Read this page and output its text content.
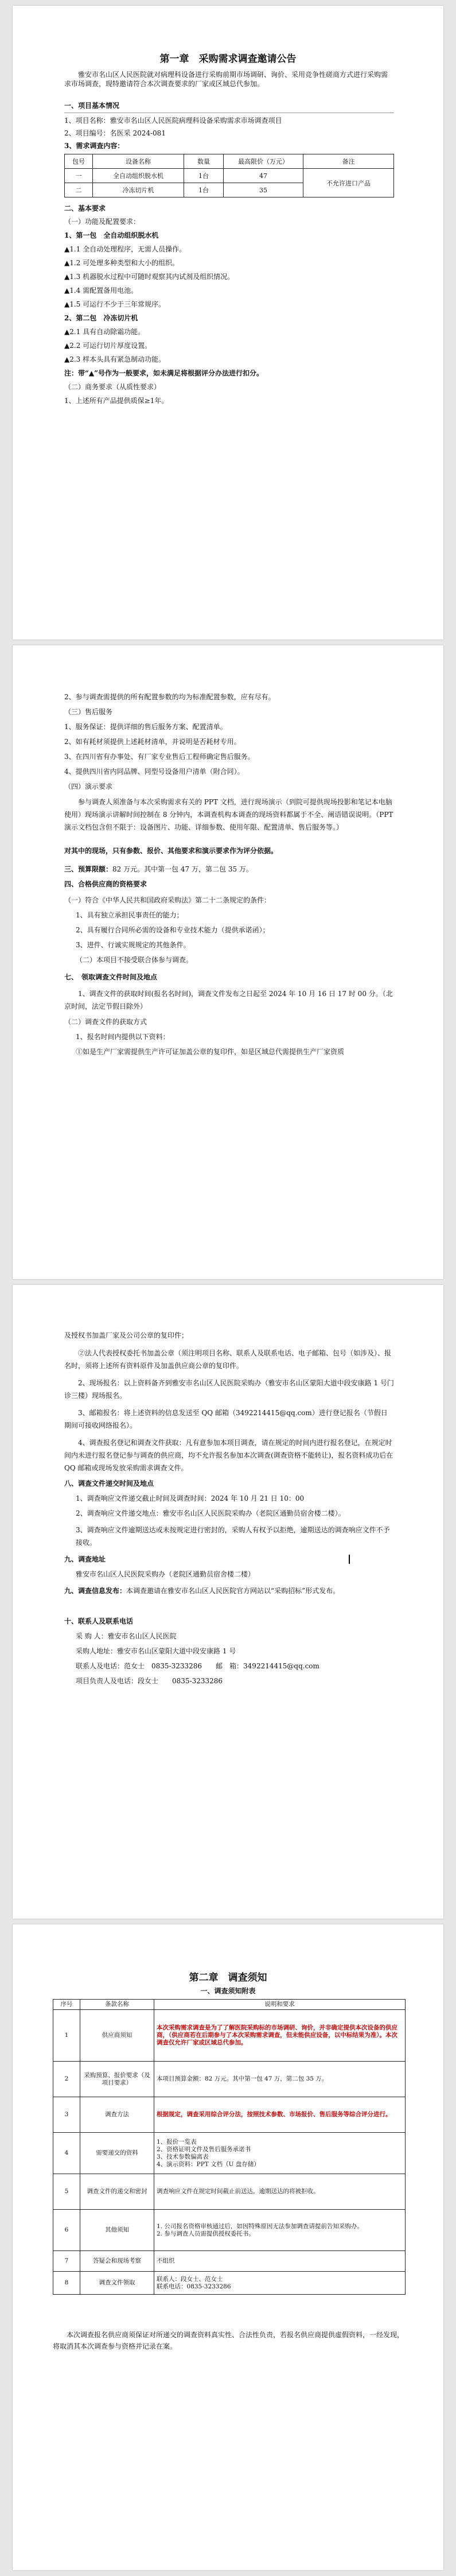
第一章　采购需求调查邀请公告
雅安市名山区人民医院就对病理科设备进行采购前期市场调研、询价、采用竞争性磋商方式进行采购需求市场调查，现特邀请符合本次调查要求的厂家或区域总代参加。
一、项目基本情况
1、项目名称：雅安市名山区人民医院病理科设备采购需求市场调查项目
2、项目编号：名医采 2024-081
3、需求调查内容：
包号	设备名称	数量	最高限价（万元）	备注
一	全自动组织脱水机	1台	47	不允许进口产品
二	冷冻切片机	1台	35	
二、基本要求
（一）功能及配置要求：
1、第一包　全自动组织脱水机
▲1.1 全自动处理程序，无需人员操作。
▲1.2 可处理多种类型和大小的组织。
▲1.3 机器脱水过程中可随时观察其内试剂及组织情况。
▲1.4 需配置备用电池。
▲1.5 可运行不少于三年常规序。
2、第二包　冷冻切片机
▲2.1 具有自动除霜功能。
▲2.2 可运行切片厚度设置。
▲2.3 样本头具有紧急制动功能。
注：带“▲”号作为一般要求，如未满足将根据评分办法进行扣分。
（二）商务要求（从质性要求）
1、上述所有产品提供质保≥1年。
2、参与调查需提供的所有配置参数的均为标准配置参数，应有尽有。
（三）售后服务
1、服务保证：提供详细的售后服务方案、配置清单。
2、如有耗材须提供上述耗材清单，并说明是否耗材专用。
3、在四川省有办事处、有厂家专业售后工程师确定售后服务。
4、提供四川省内同品牌、同型号设备用户清单（附合同）。
（四）演示要求
参与调查人须准备与本次采购需求有关的 PPT 文档，进行现场演示（到院可提供现场投影和笔记本电脑使用）现场演示讲解时间控制在 8 分钟内，本调查机构本调查的现场资料都属于不全、阐语错误说明。（PPT 演示文档包含但不限于：设备图片、功能、详细参数、使用年限、配置清单、售后服务等。）
对其中的现场，只有参数、报价、其他要求和演示要求作为评分依据。
三、预算限额：82 万元。其中第一包 47 万，第二包 35 万。
四、合格供应商的资格要求
（一）符合《中华人民共和国政府采购法》第二十二条规定的条件：
1、具有独立承担民事责任的能力；
2、具有履行合同所必需的设备和专业技术能力（提供承诺函）；
3、进件、行诚实规规定的其他条件。
（二）本项目不接受联合体参与调查。
七、　领取调查文件时间及地点
1、调查文件的获取时间(报名名时间)，调查文件发布之日起至 2024 年 10 月 16 日 17 时 00 分。（北京时间，法定节假日除外）
（二）调查文件的获取方式
1、报名时间内提供以下资料：
①如是生产厂家需提供生产许可证加盖公章的复印件，如是区域总代需提供生产厂家资质
及授权书加盖厂家及公司公章的复印件；
②法人代表授权委托书加盖公章（须注明项目名称、联系人及联系电话、电子邮箱、包号（如涉及）、报名时，须将上述所有资料原件及加盖供应商公章的复印件。
2、现场报名：以上资料备齐到雅安市名山区人民医院采购办（雅安市名山区蒙阳大道中段安康路 1 号门诊三楼）现场报名。
3、邮箱报名：将上述资料的信息发送至 QQ 邮箱（3492214415@qq.com）进行登记报名（节假日期间可接收网络报名）。
4、调查报名登记和调查文件获取：凡有意参加本项目调查，请在规定的时间内进行报名登记，在规定时间内未进行报名登记参与调查的供应商，均不允许报名参加本次调查(调查资格不能转让)，报名资料成功后在 QQ 邮箱或现场发放采购需求调查文件。
八、调查文件递交时间及地点
1、调查响应文件递交截止时间及调查时间：2024 年 10 月 21 日 10：00
2、调查响应文件递交地点：雅安市名山区人民医院采购办（老院区通勤员宿舍楼二楼）。
3、调查响应文件逾期送达或未按规定进行密封的，采购人有权予以拒绝，逾期送达的调查响应文件不予接收。
九、调查地址
雅安市名山区人民医院采购办（老院区通勤员宿舍楼二楼）
九、调查信息发布：本调查邀请在雅安市名山区人民医院官方网站以“采购招标”形式发布。
十、联系人及联系电话
采 购 人：雅安市名山区人民医院
采购人地址：雅安市名山区蒙阳大道中段安康路 1 号
联系人及电话：范女士　0835-3233286　　邮　箱：3492214415@qq.com
项目负责人及电话：段女士　　0835-3233286
第二章　调查须知
一、调查须知附表
序号	条款名称	说明和要求
1	供应商须知	本次采购需求调查是为了了解医院采购标的市场调研、询价，并非确定提供本次设备的供应商，（供应商若在后期参与了本次采购需求调查，但未能供应设备，以中标结果为准）。本次调查仅允许厂家或区域总代参加。
2	采购预算、报价要求（及项目要求）	本项目预算金额：82 万元。其中第一包 47 万，第二包 35 万。
3	调查方法	根据规定，调查采用综合评分法，按照技术参数、市场报价、售后服务等综合评分进行。
4	需要递交的资料	1、报价一览表
2、资格证明文件及售后服务承诺书
3、技术参数偏离表
4、演示资料：PPT 文档（U 盘存储）
5	调查文件的递交和密封	调查响应文件在规定时间截止前送达，逾期送达的将被拒收。
6	其他须知	1. 公司报名资格审核通过后，如因特殊原因无法参加调查请提前告知采购办。
2. 参与调查人员需提供授权委托书。
7	答疑会和现场考察	不组织
8	调查文件领取	联系人：段女士、范女士
联系电话：0835-3233286
本次调查报名供应商须保证对所递交的调查资料真实性、合法性负责，若报名供应商提供虚假资料，一经发现，将取消其本次调查参与资格并记录在案。
